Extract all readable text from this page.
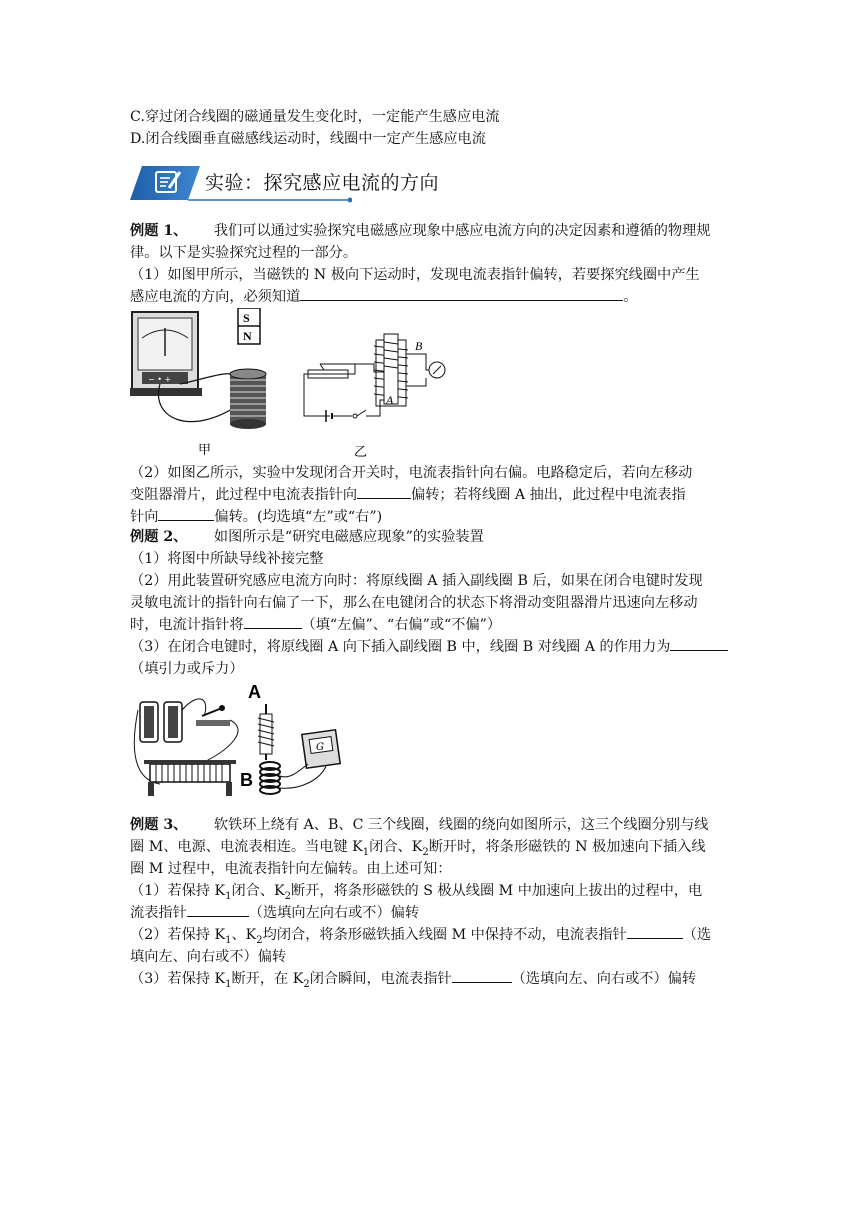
C.穿过闭合线圈的磁通量发生变化时，一定能产生感应电流
D.闭合线圈垂直磁感线运动时，线圈中一定产生感应电流
实验：探究感应电流的方向
例题 1、 我们可以通过实验探究电磁感应现象中感应电流方向的决定因素和遵循的物理规
律。以下是实验探究过程的一部分。
（1）如图甲所示，当磁铁的 N 极向下运动时，发现电流表指针偏转，若要探究线圈中产生
感应电流的方向，必须知道	。
− • +
S
N
甲
B
A
乙
（2）如图乙所示，实验中发现闭合开关时，电流表指针向右偏。电路稳定后，若向左移动
变阻器滑片，此过程中电流表指针向	偏转；若将线圈 A 抽出，此过程中电流表指
针向	偏转。(均选填“左”或“右”)
例题 2、 如图所示是“研究电磁感应现象”的实验装置
（1）将图中所缺导线补接完整
（2）用此装置研究感应电流方向时：将原线圈 A 插入副线圈 B 后，如果在闭合电键时发现
灵敏电流计的指针向右偏了一下，那么在电键闭合的状态下将滑动变阻器滑片迅速向左移动
时，电流计指针将	（填“左偏”、“右偏”或“不偏”）
（3）在闭合电键时，将原线圈 A 向下插入副线圈 B 中，线圈 B 对线圈 A 的作用力为
（填引力或斥力）
A
B
G
例题 3、 软铁环上绕有 A、B、C 三个线圈，线圈的绕向如图所示，这三个线圈分别与线
圈 M、电源、电流表相连。当电键 $K_1$闭合、$K_2$断开时，将条形磁铁的 N 极加速向下插入线
圈 M 过程中，电流表指针向左偏转。由上述可知：
（1）若保持 $K_1$闭合、$K_2$断开，将条形磁铁的 S 极从线圈 M 中加速向上拔出的过程中，电
流表指针	（选填向左向右或不）偏转
（2）若保持 $K_1$、$K_2$均闭合，将条形磁铁插入线圈 M 中保持不动，电流表指针	（选
填向左、向右或不）偏转
（3）若保持 $K_1$断开，在 $K_2$闭合瞬间，电流表指针	（选填向左、向右或不）偏转
